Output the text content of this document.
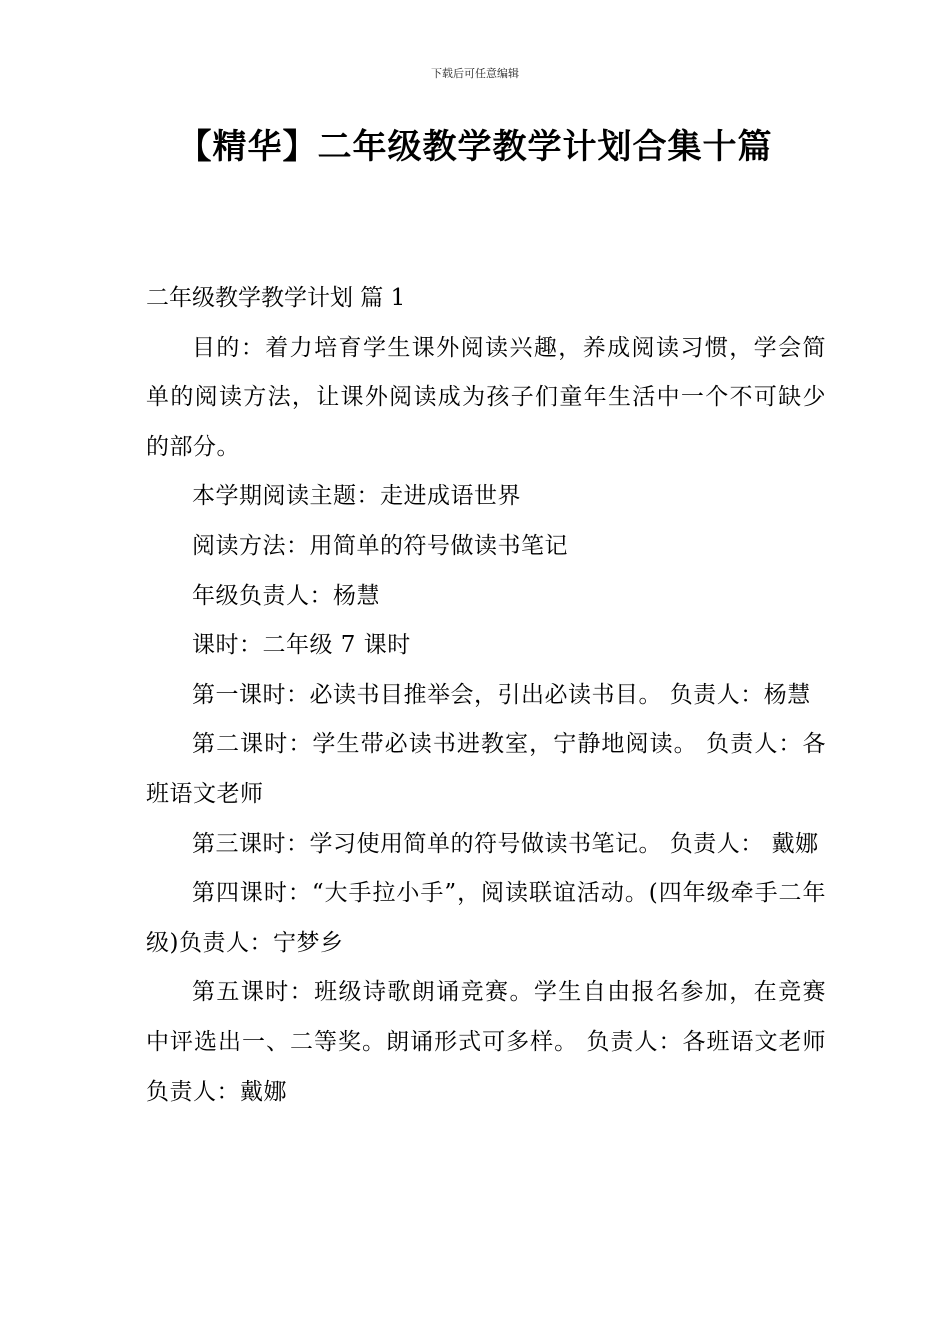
下载后可任意编辑
【精华】二年级教学教学计划合集十篇

二年级教学教学计划 篇 1

目的：着力培育学生课外阅读兴趣，养成阅读习惯，学会简单的阅读方法，让课外阅读成为孩子们童年生活中一个不可缺少的部分。

本学期阅读主题：走进成语世界

阅读方法：用简单的符号做读书笔记

年级负责人：杨慧

课时：二年级 7 课时

第一课时：必读书目推举会，引出必读书目。 负责人：杨慧

第二课时：学生带必读书进教室，宁静地阅读。 负责人：各班语文老师

第三课时：学习使用简单的符号做读书笔记。 负责人： 戴娜

第四课时：“大手拉小手”，阅读联谊活动。(四年级牵手二年级)负责人：宁梦乡

第五课时：班级诗歌朗诵竞赛。学生自由报名参加，在竞赛中评选出一、二等奖。朗诵形式可多样。 负责人：各班语文老师 负责人：戴娜
